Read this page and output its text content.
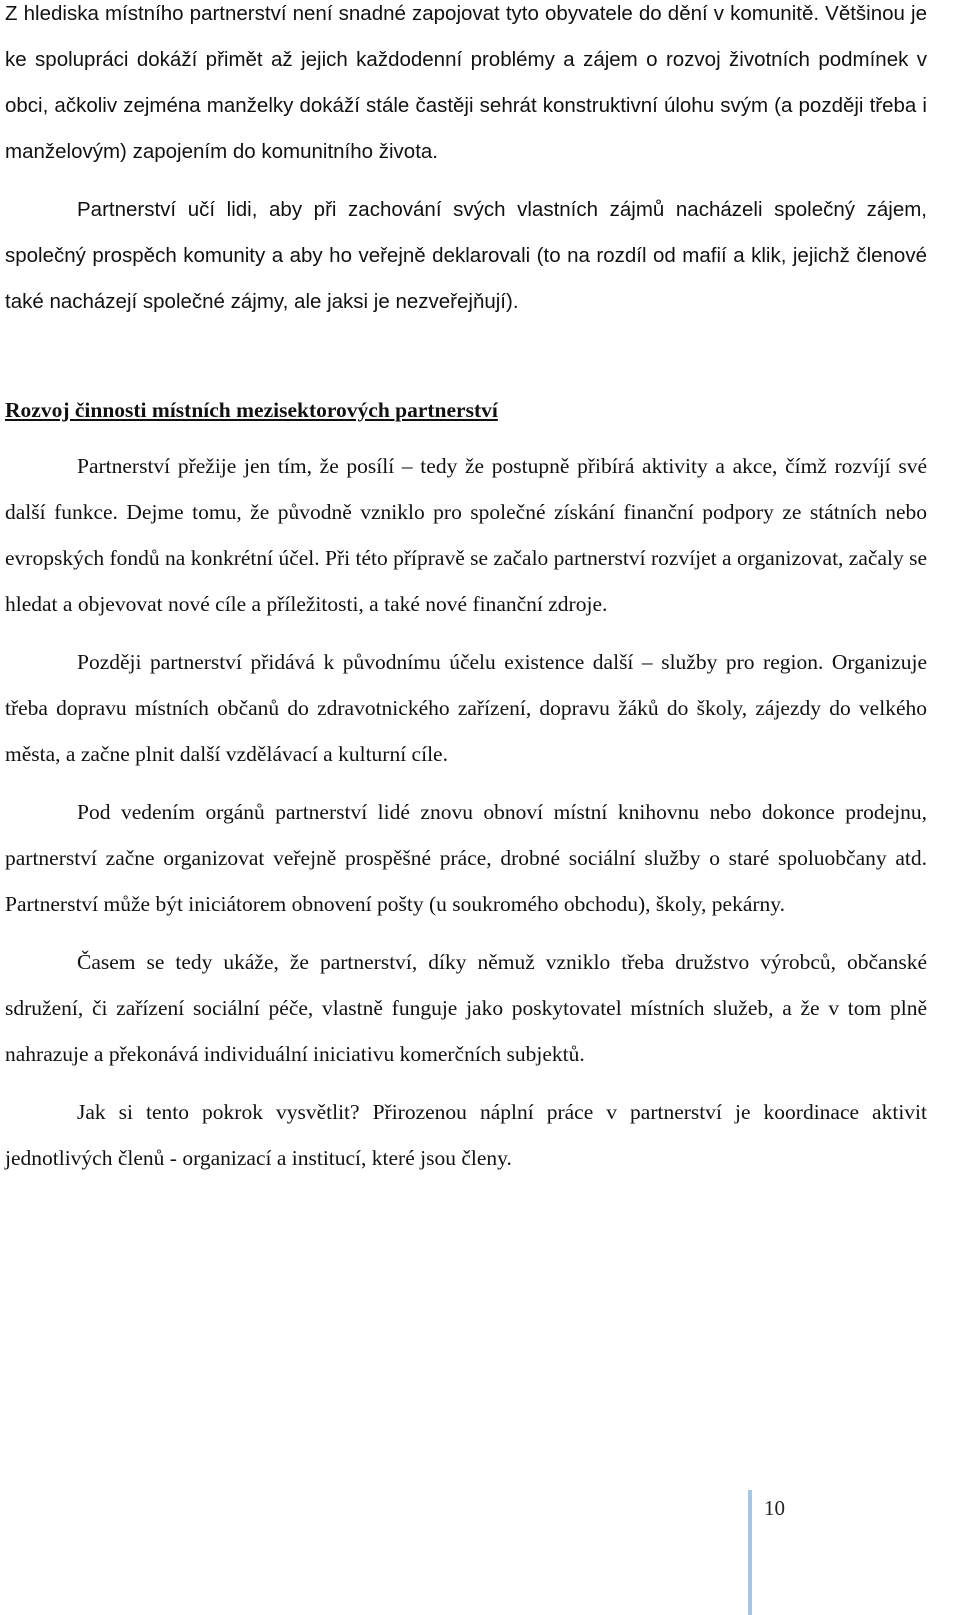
Z hlediska místního partnerství není snadné zapojovat tyto obyvatele do dění v komunitě. Většinou je ke spolupráci dokáží přimět až jejich každodenní problémy a zájem o rozvoj životních podmínek v obci, ačkoliv zejména manželky dokáží stále častěji sehrát konstruktivní úlohu svým (a později třeba i manželovým) zapojením do komunitního života.

Partnerství učí lidi, aby při zachování svých vlastních zájmů nacházeli společný zájem, společný prospěch komunity a aby ho veřejně deklarovali (to na rozdíl od mafií a klik, jejichž členové také nacházejí společné zájmy, ale jaksi je nezveřejňují).

Rozvoj činnosti místních mezisektorových partnerství

Partnerství přežije jen tím, že posílí – tedy že postupně přibírá aktivity a akce, čímž rozvíjí své další funkce. Dejme tomu, že původně vzniklo pro společné získání finanční podpory ze státních nebo evropských fondů na konkrétní účel. Při této přípravě se začalo partnerství rozvíjet a organizovat, začaly se hledat a objevovat nové cíle a příležitosti, a také nové finanční zdroje.

Později partnerství přidává k původnímu účelu existence další – služby pro region. Organizuje třeba dopravu místních občanů do zdravotnického zařízení, dopravu žáků do školy, zájezdy do velkého města, a začne plnit další vzdělávací a kulturní cíle.

Pod vedením orgánů partnerství lidé znovu obnoví místní knihovnu nebo dokonce prodejnu, partnerství začne organizovat veřejně prospěšné práce, drobné sociální služby o staré spoluobčany atd. Partnerství může být iniciátorem obnovení pošty (u soukromého obchodu), školy, pekárny.

Časem se tedy ukáže, že partnerství, díky němuž vzniklo třeba družstvo výrobců, občanské sdružení, či zařízení sociální péče, vlastně funguje jako poskytovatel místních služeb, a že v tom plně nahrazuje a překonává individuální iniciativu komerčních subjektů.

Jak si tento pokrok vysvětlit? Přirozenou náplní práce v partnerství je koordinace aktivit jednotlivých členů - organizací a institucí, které jsou členy.

10
